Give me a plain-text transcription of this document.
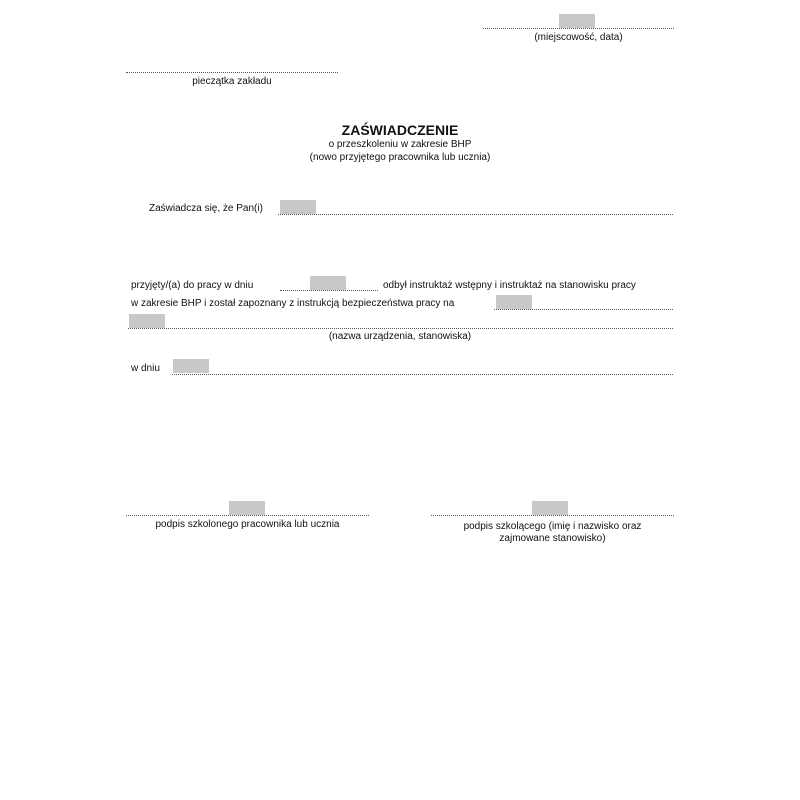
(miejscowość, data)
pieczątka zakładu
ZAŚWIADCZENIE
o przeszkoleniu w zakresie BHP
(nowo przyjętego pracownika lub ucznia)
Zaświadcza się, że Pan(i)
przyjęty/(a) do pracy w dniu	odbył instruktaż wstępny i instruktaż na stanowisku pracy
w zakresie BHP i został zapoznany z instrukcją bezpieczeństwa pracy na
(nazwa urządzenia, stanowiska)
w dniu
podpis szkolonego pracownika lub ucznia	podpis szkolącego (imię i nazwisko oraz
zajmowane stanowisko)
